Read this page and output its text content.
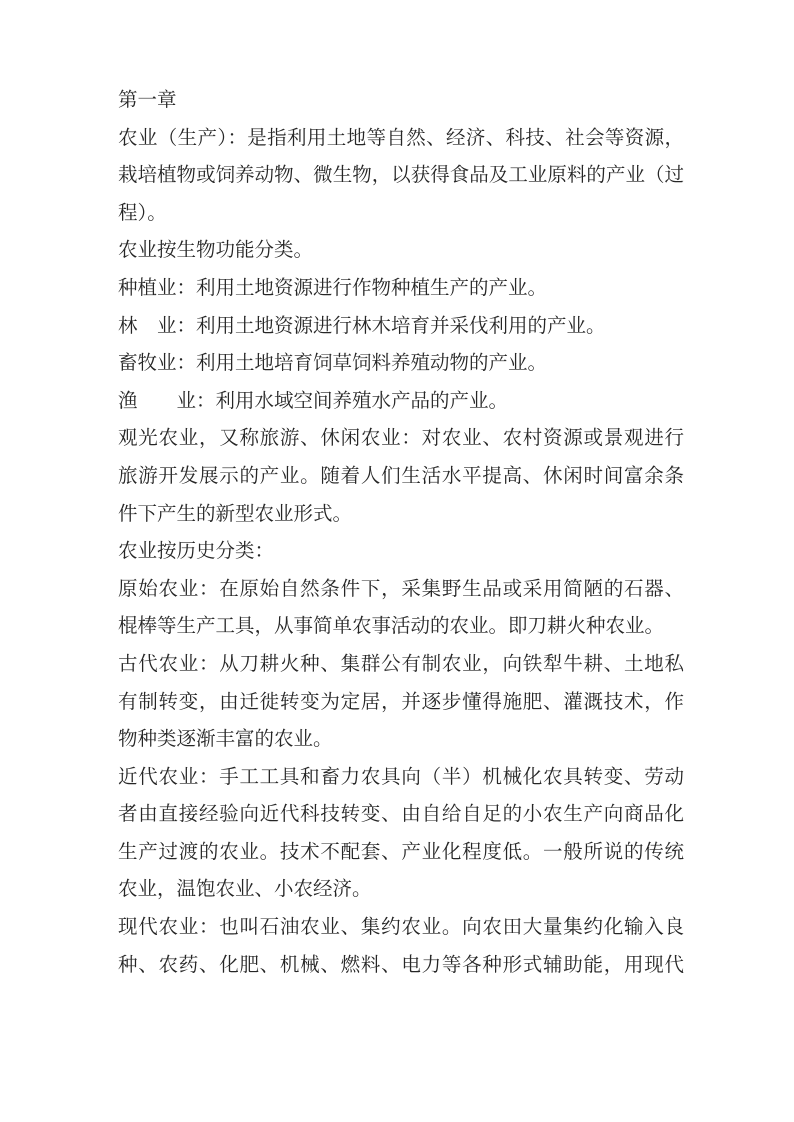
第一章
农业（生产）：是指利用土地等自然、经济、科技、社会等资源，
栽培植物或饲养动物、微生物，以获得食品及工业原料的产业（过
程）。
农业按生物功能分类。
种植业：利用土地资源进行作物种植生产的产业。
林　业：利用土地资源进行林木培育并采伐利用的产业。
畜牧业：利用土地培育饲草饲料养殖动物的产业。
渔　　业：利用水域空间养殖水产品的产业。
观光农业，又称旅游、休闲农业：对农业、农村资源或景观进行
旅游开发展示的产业。随着人们生活水平提高、休闲时间富余条
件下产生的新型农业形式。
农业按历史分类：
原始农业：在原始自然条件下，采集野生品或采用简陋的石器、
棍棒等生产工具，从事简单农事活动的农业。即刀耕火种农业。
古代农业：从刀耕火种、集群公有制农业，向铁犁牛耕、土地私
有制转变，由迁徙转变为定居，并逐步懂得施肥、灌溉技术，作
物种类逐渐丰富的农业。
近代农业：手工工具和畜力农具向（半）机械化农具转变、劳动
者由直接经验向近代科技转变、由自给自足的小农生产向商品化
生产过渡的农业。技术不配套、产业化程度低。一般所说的传统
农业，温饱农业、小农经济。
现代农业：也叫石油农业、集约农业。向农田大量集约化输入良
种、农药、化肥、机械、燃料、电力等各种形式辅助能，用现代
